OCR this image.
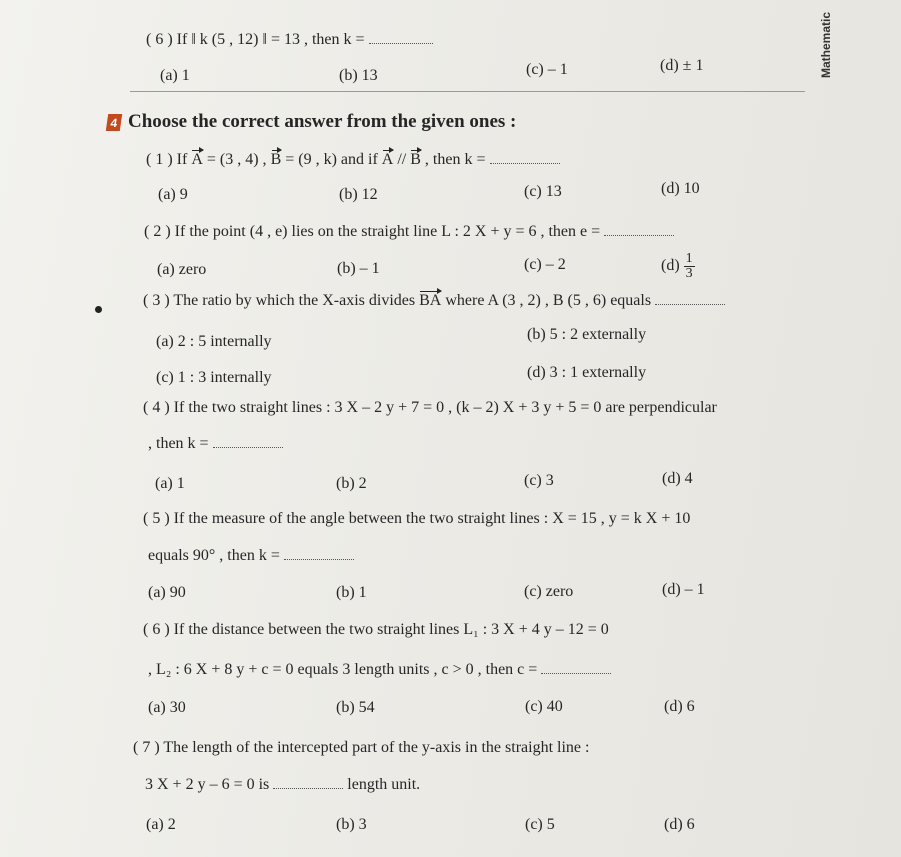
Mathematic
( 6 ) If ‖ k (5 , 12) ‖ = 13 , then k =
(a) 1	(b) 13	(c) – 1	(d) ± 1
4 Choose the correct answer from the given ones :
( 1 ) If A = (3 , 4) , B = (9 , k) and if A // B , then k =
(a) 9	(b) 12	(c) 13	(d) 10
( 2 ) If the point (4 , e) lies on the straight line L : 2 X + y = 6 , then e =
(a) zero	(b) – 1	(c) – 2	$(d) \frac{1}{3}$
( 3 ) The ratio by which the X-axis divides BA where A (3 , 2) , B (5 , 6) equals
(a) 2 : 5 internally	(b) 5 : 2 externally
(c) 1 : 3 internally	(d) 3 : 1 externally
( 4 ) If the two straight lines : 3 X – 2 y + 7 = 0 , (k – 2) X + 3 y + 5 = 0 are perpendicular
, then k =
(a) 1	(b) 2	(c) 3	(d) 4
( 5 ) If the measure of the angle between the two straight lines : X = 15 , y = k X + 10
equals 90° , then k =
(a) 90	(b) 1	(c) zero	(d) – 1
( 6 ) If the distance between the two straight lines L₁ : 3 X + 4 y – 12 = 0
, L₂ : 6 X + 8 y + c = 0 equals 3 length units , c > 0 , then c =
(a) 30	(b) 54	(c) 40	(d) 6
( 7 ) The length of the intercepted part of the y-axis in the straight line :
3 X + 2 y – 6 = 0 is	length unit.
(a) 2	(b) 3	(c) 5	(d) 6
